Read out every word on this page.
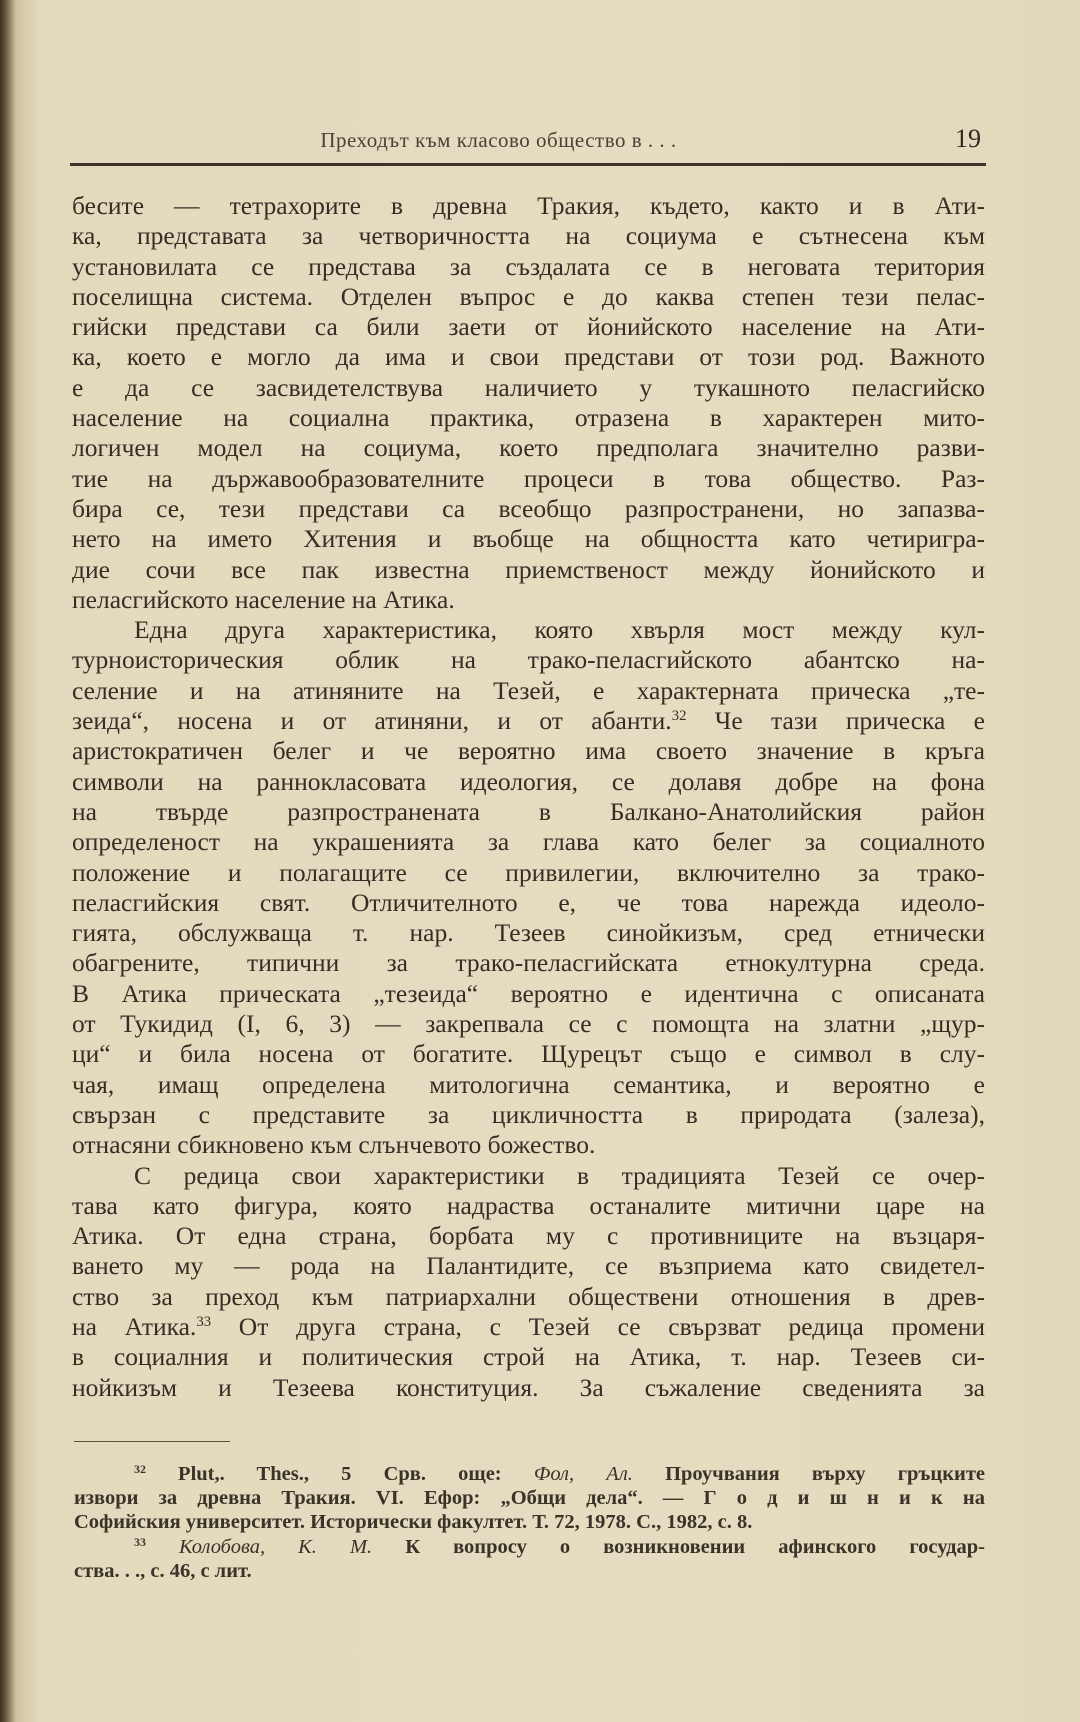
Преходът към класово общество в . . .	19
бесите — тетрахорите в древна Тракия, където, както и в Ати-
ка, представата за четворичността на социума е сътнесена към
установилата се представа за създалата се в неговата територия
поселищна система. Отделен въпрос е до каква степен тези пелас-
гийски представи са били заети от йонийското население на Ати-
ка, което е могло да има и свои представи от този род. Важното
е да се засвидетелствува наличието у тукашното пеласгийско
население на социална практика, отразена в характерен мито-
логичен модел на социума, което предполага значително разви-
тие на държавообразователните процеси в това общество. Раз-
бира се, тези представи са всеобщо разпространени, но запазва-
нето на името Хитения и въобще на общността като четиригра-
дие сочи все пак известна приемственост между йонийското и
пеласгийското население на Атика.
Една друга характеристика, която хвърля мост между кул-
турноисторическия облик на трако-пеласгийското абантско на-
селение и на атиняните на Тезей, е характерната прическа „те-
зеида“, носена и от атиняни, и от абанти.$^{32}$ Че тази прическа е
аристократичен белег и че вероятно има своето значение в кръга
символи на раннокласовата идеология, се долавя добре на фона
на твърде разпространената в Балкано-Анатолийския район
определеност на украшенията за глава като белег за социалното
положение и полагащите се привилегии, включително за трако-
пеласгийския свят. Отличителното е, че това нарежда идеоло-
гията, обслужваща т. нар. Тезеев синойкизъм, сред етнически
обагрените, типични за трако-пеласгийската етнокултурна среда.
В Атика прическата „тезеида“ вероятно е идентична с описаната
от Тукидид (I, 6, 3) — закрепвала се с помощта на златни „щур-
ци“ и била носена от богатите. Щурецът също е символ в слу-
чая, имащ определена митологична семантика, и вероятно е
свързан с представите за цикличността в природата (залеза),
отнасяни сбикновено към слънчевото божество.
С редица свои характеристики в традицията Тезей се очер-
тава като фигура, която надраства останалите митични царе на
Атика. От една страна, борбата му с противниците на възцаря-
ването му — рода на Палантидите, се възприема като свидетел-
ство за преход към патриархални обществени отношения в древ-
на Атика.$^{33}$ От друга страна, с Тезей се свързват редица промени
в социалния и политическия строй на Атика, т. нар. Тезеев си-
нойкизъм и Тезеева конституция. За съжаление сведенията за
$^{32}$ Plut,. Thes., 5 Срв. още: Фол, Ал. Проучвания върху гръцките
извори за древна Тракия. VI. Ефор: „Общи дела“. — Г о д и ш н и к на
Софийския университет. Исторически факултет. Т. 72, 1978. С., 1982, с. 8.
$^{33}$ Колобова, К. М. К вопросу о возникновении афинского государ-
ства. . ., с. 46, с лит.
